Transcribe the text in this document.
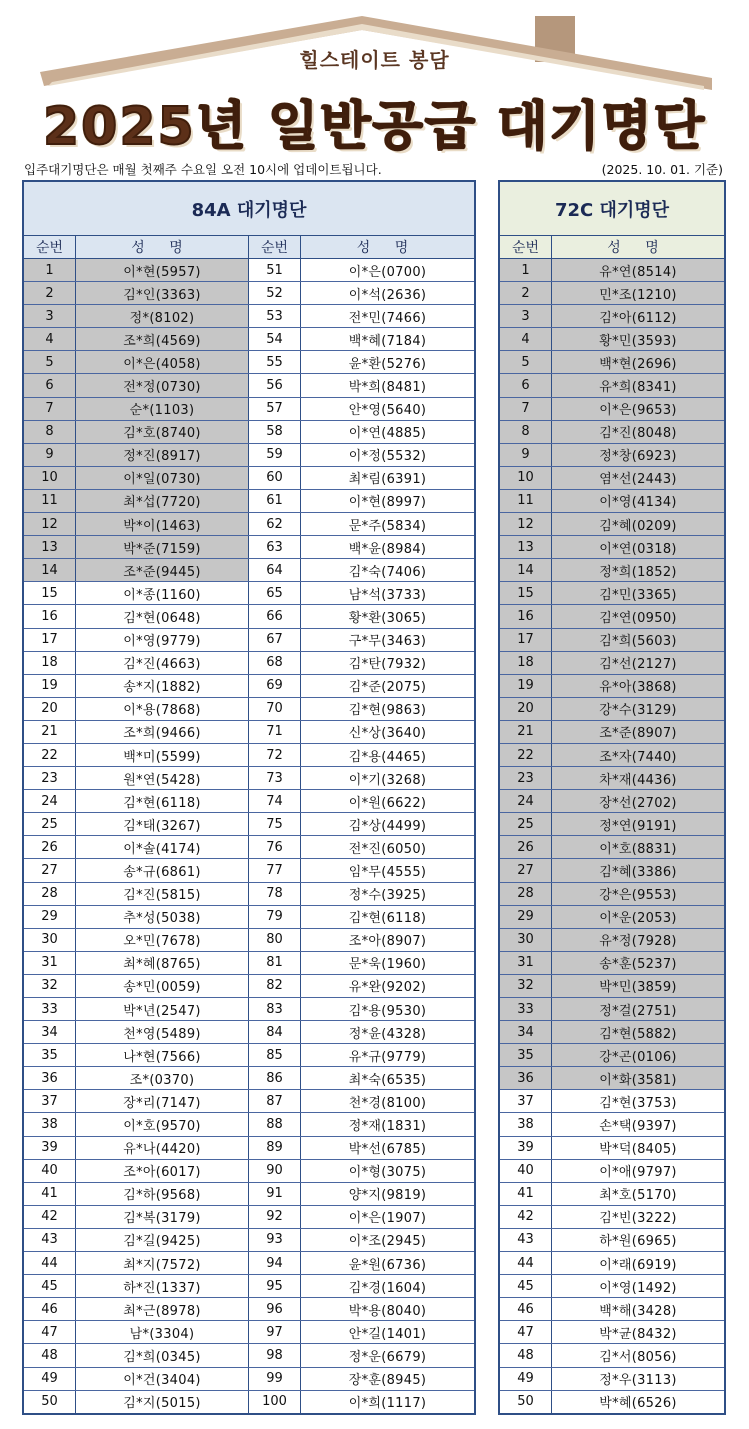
힐스테이트 봉담
2025년 일반공급 대기명단
입주대기명단은 매월 첫째주 수요일 오전 10시에 업데이트됩니다.	(2025. 10. 01. 기준)
84A 대기명단
순번	성 명	순번	성 명
1	이*현(5957)	51	이*은(0700)
2	김*인(3363)	52	이*석(2636)
3	정*(8102)	53	전*민(7466)
4	조*희(4569)	54	백*혜(7184)
5	이*은(4058)	55	윤*환(5276)
6	전*정(0730)	56	박*희(8481)
7	순*(1103)	57	안*영(5640)
8	김*호(8740)	58	이*연(4885)
9	정*진(8917)	59	이*정(5532)
10	이*일(0730)	60	최*림(6391)
11	최*섭(7720)	61	이*현(8997)
12	박*이(1463)	62	문*주(5834)
13	박*준(7159)	63	백*윤(8984)
14	조*준(9445)	64	김*숙(7406)
15	이*종(1160)	65	남*석(3733)
16	김*현(0648)	66	황*환(3065)
17	이*영(9779)	67	구*무(3463)
18	김*진(4663)	68	김*탄(7932)
19	송*지(1882)	69	김*준(2075)
20	이*용(7868)	70	김*현(9863)
21	조*희(9466)	71	신*상(3640)
22	백*미(5599)	72	김*용(4465)
23	원*연(5428)	73	이*기(3268)
24	김*현(6118)	74	이*원(6622)
25	김*태(3267)	75	김*상(4499)
26	이*솔(4174)	76	전*진(6050)
27	송*규(6861)	77	임*무(4555)
28	김*진(5815)	78	정*수(3925)
29	추*성(5038)	79	김*현(6118)
30	오*민(7678)	80	조*아(8907)
31	최*혜(8765)	81	문*욱(1960)
32	송*민(0059)	82	유*완(9202)
33	박*년(2547)	83	김*용(9530)
34	천*영(5489)	84	정*윤(4328)
35	나*현(7566)	85	유*규(9779)
36	조*(0370)	86	최*숙(6535)
37	장*리(7147)	87	천*경(8100)
38	이*호(9570)	88	정*재(1831)
39	유*나(4420)	89	박*선(6785)
40	조*아(6017)	90	이*형(3075)
41	김*하(9568)	91	양*지(9819)
42	김*복(3179)	92	이*은(1907)
43	김*길(9425)	93	이*조(2945)
44	최*지(7572)	94	윤*원(6736)
45	하*진(1337)	95	김*경(1604)
46	최*근(8978)	96	박*용(8040)
47	남*(3304)	97	안*길(1401)
48	김*희(0345)	98	정*운(6679)
49	이*건(3404)	99	장*훈(8945)
50	김*지(5015)	100	이*희(1117)
72C 대기명단
순번	성 명
1	유*연(8514)
2	민*조(1210)
3	김*아(6112)
4	황*민(3593)
5	백*현(2696)
6	유*희(8341)
7	이*은(9653)
8	김*진(8048)
9	정*창(6923)
10	염*선(2443)
11	이*영(4134)
12	김*혜(0209)
13	이*연(0318)
14	정*희(1852)
15	김*민(3365)
16	김*연(0950)
17	김*희(5603)
18	김*선(2127)
19	유*아(3868)
20	강*수(3129)
21	조*준(8907)
22	조*자(7440)
23	차*재(4436)
24	장*선(2702)
25	정*연(9191)
26	이*호(8831)
27	김*혜(3386)
28	강*은(9553)
29	이*운(2053)
30	유*정(7928)
31	송*훈(5237)
32	박*민(3859)
33	정*걸(2751)
34	김*현(5882)
35	강*곤(0106)
36	이*화(3581)
37	김*현(3753)
38	손*택(9397)
39	박*덕(8405)
40	이*애(9797)
41	최*호(5170)
42	김*빈(3222)
43	하*원(6965)
44	이*래(6919)
45	이*영(1492)
46	백*해(3428)
47	박*균(8432)
48	김*서(8056)
49	정*우(3113)
50	박*혜(6526)
